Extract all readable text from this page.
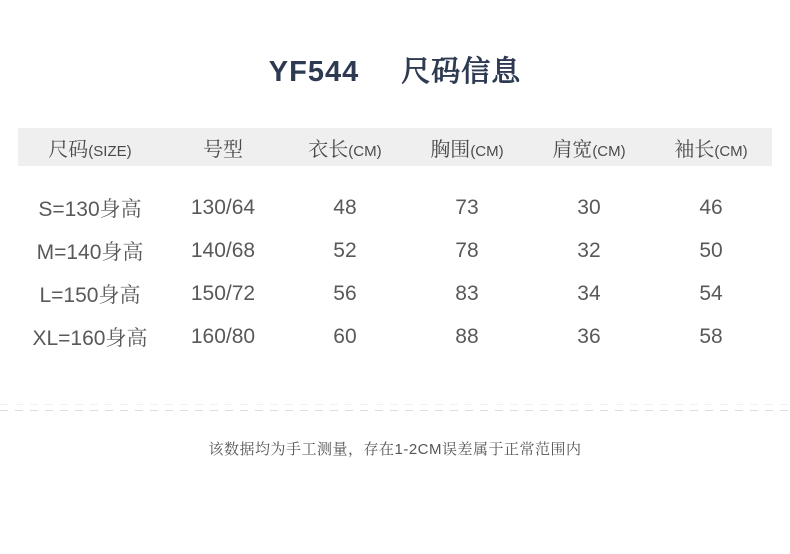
YF544 尺码信息
尺码(SIZE)	号型	衣长(CM)	胸围(CM)	肩宽(CM)	袖长(CM)
S=130身高	130/64	48	73	30	46
M=140身高	140/68	52	78	32	50
L=150身高	150/72	56	83	34	54
XL=160身高	160/80	60	88	36	58
该数据均为手工测量，存在1-2CM误差属于正常范围内
